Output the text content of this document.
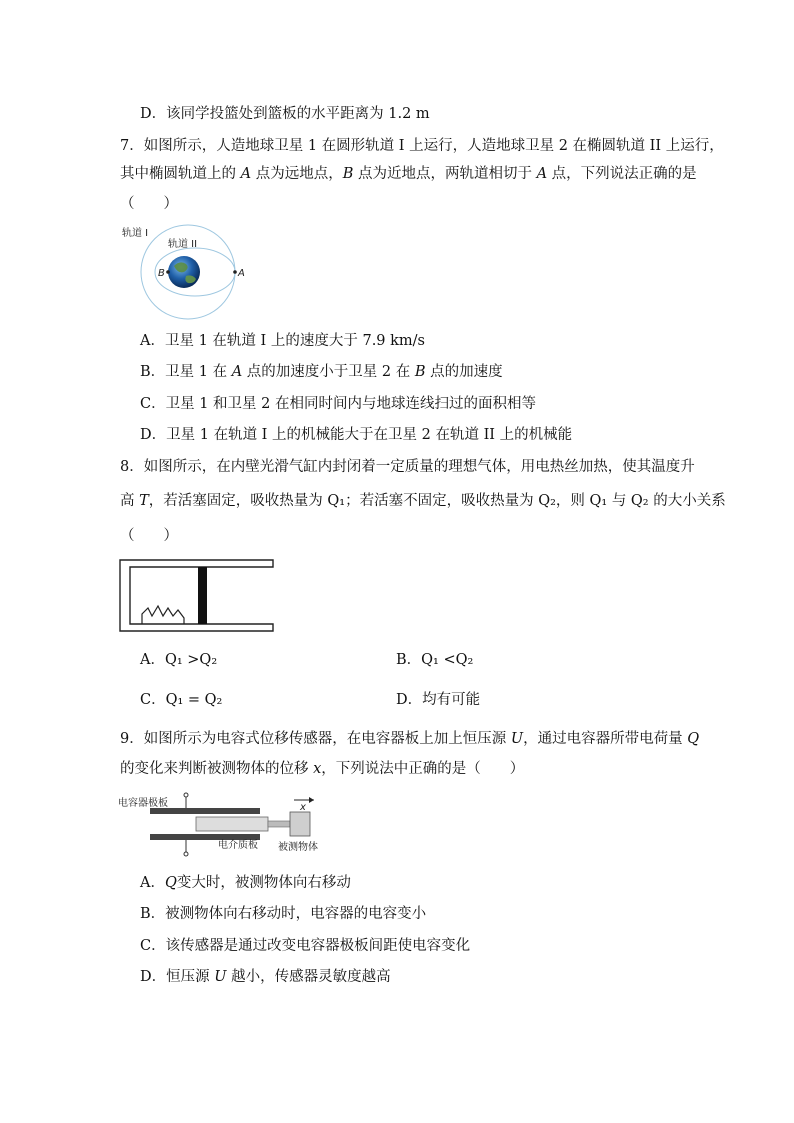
D．该同学投篮处到篮板的水平距离为 1.2 m
7．如图所示，人造地球卫星 1 在圆形轨道 I 上运行，人造地球卫星 2 在椭圆轨道 II 上运行，
其中椭圆轨道上的 A 点为远地点，B 点为近地点，两轨道相切于 A 点，下列说法正确的是
（　　）
轨道 I
轨道 II
B	A
A．卫星 1 在轨道 I 上的速度大于 7.9 km/s
B．卫星 1 在 A 点的加速度小于卫星 2 在 B 点的加速度
C．卫星 1 和卫星 2 在相同时间内与地球连线扫过的面积相等
D．卫星 1 在轨道 I 上的机械能大于在卫星 2 在轨道 II 上的机械能
8．如图所示，在内壁光滑气缸内封闭着一定质量的理想气体，用电热丝加热，使其温度升
高 T，若活塞固定，吸收热量为 Q₁；若活塞不固定，吸收热量为 Q₂，则 Q₁ 与 Q₂ 的大小关系
（　　）
A．Q₁ >Q₂	B．Q₁ <Q₂
C．Q₁ = Q₂	D．均有可能
9．如图所示为电容式位移传感器，在电容器板上加上恒压源 U，通过电容器所带电荷量 Q
的变化来判断被测物体的位移 x，下列说法中正确的是（　　）
电容器极板
电介质板 被测物体
x
A．Q变大时，被测物体向右移动
B．被测物体向右移动时，电容器的电容变小
C．该传感器是通过改变电容器极板间距使电容变化
D．恒压源 U 越小，传感器灵敏度越高
